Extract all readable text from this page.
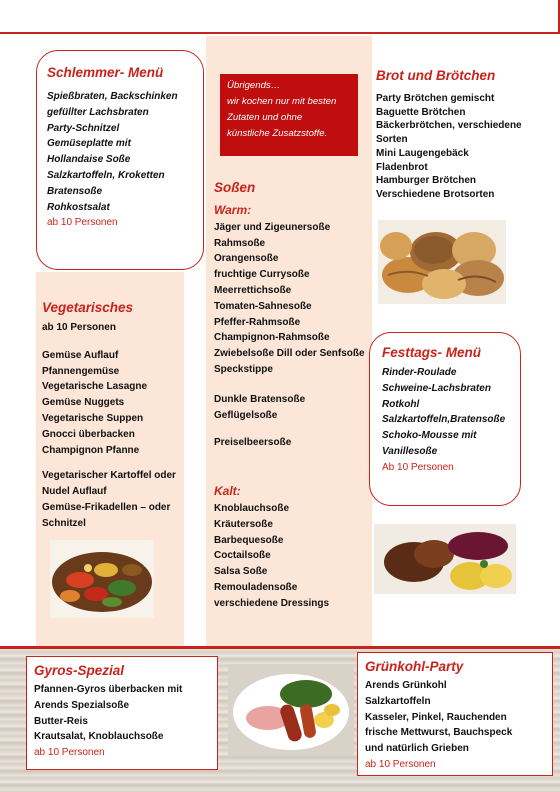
Schlemmer- Menü
Spießbraten, Backschinken
gefüllter Lachsbraten
Party-Schnitzel
Gemüseplatte mit
Hollandaise Soße
Salzkartoffeln, Kroketten
Bratensoße
Rohkostsalat
ab 10 Personen
Übrigends…
wir kochen nur mit besten
Zutaten und ohne
künstliche Zusatzstoffe.
Soßen
Warm:
Jäger und Zigeunersoße
Rahmsoße
Orangensoße
fruchtige Currysoße
Meerrettichsoße
Tomaten-Sahnesoße
Pfeffer-Rahmsoße
Champignon-Rahmsoße
Zwiebelsoße Dill oder Senfsoße
Speckstippe
Dunkle Bratensoße
Geflügelsoße
Preiselbeersoße
Kalt:
Knoblauchsoße
Kräutersoße
Barbequesoße
Coctailsoße
Salsa Soße
Remouladensoße
verschiedene Dressings
Brot und Brötchen
Party Brötchen gemischt
Baguette Brötchen
Bäckerbrötchen, verschiedene
Sorten
Mini Laugengebäck
Fladenbrot
Hamburger Brötchen
Verschiedene Brotsorten
Vegetarisches
ab 10 Personen
Gemüse Auflauf
Pfannengemüse
Vegetarische Lasagne
Gemüse Nuggets
Vegetarische Suppen
Gnocci überbacken
Champignon Pfanne
Vegetarischer Kartoffel oder
Nudel Auflauf
Gemüse-Frikadellen – oder
Schnitzel
Festtags- Menü
Rinder-Roulade
Schweine-Lachsbraten
Rotkohl
Salzkartoffeln,Bratensoße
Schoko-Mousse mit
Vanillesoße
Ab 10 Personen
Gyros-Spezial
Pfannen-Gyros überbacken mit
Arends Spezialsoße
Butter-Reis
Krautsalat, Knoblauchsoße
ab 10 Personen
Grünkohl-Party
Arends Grünkohl
Salzkartoffeln
Kasseler, Pinkel, Rauchenden
frische Mettwurst, Bauchspeck
und natürlich Grieben
ab 10 Personen
